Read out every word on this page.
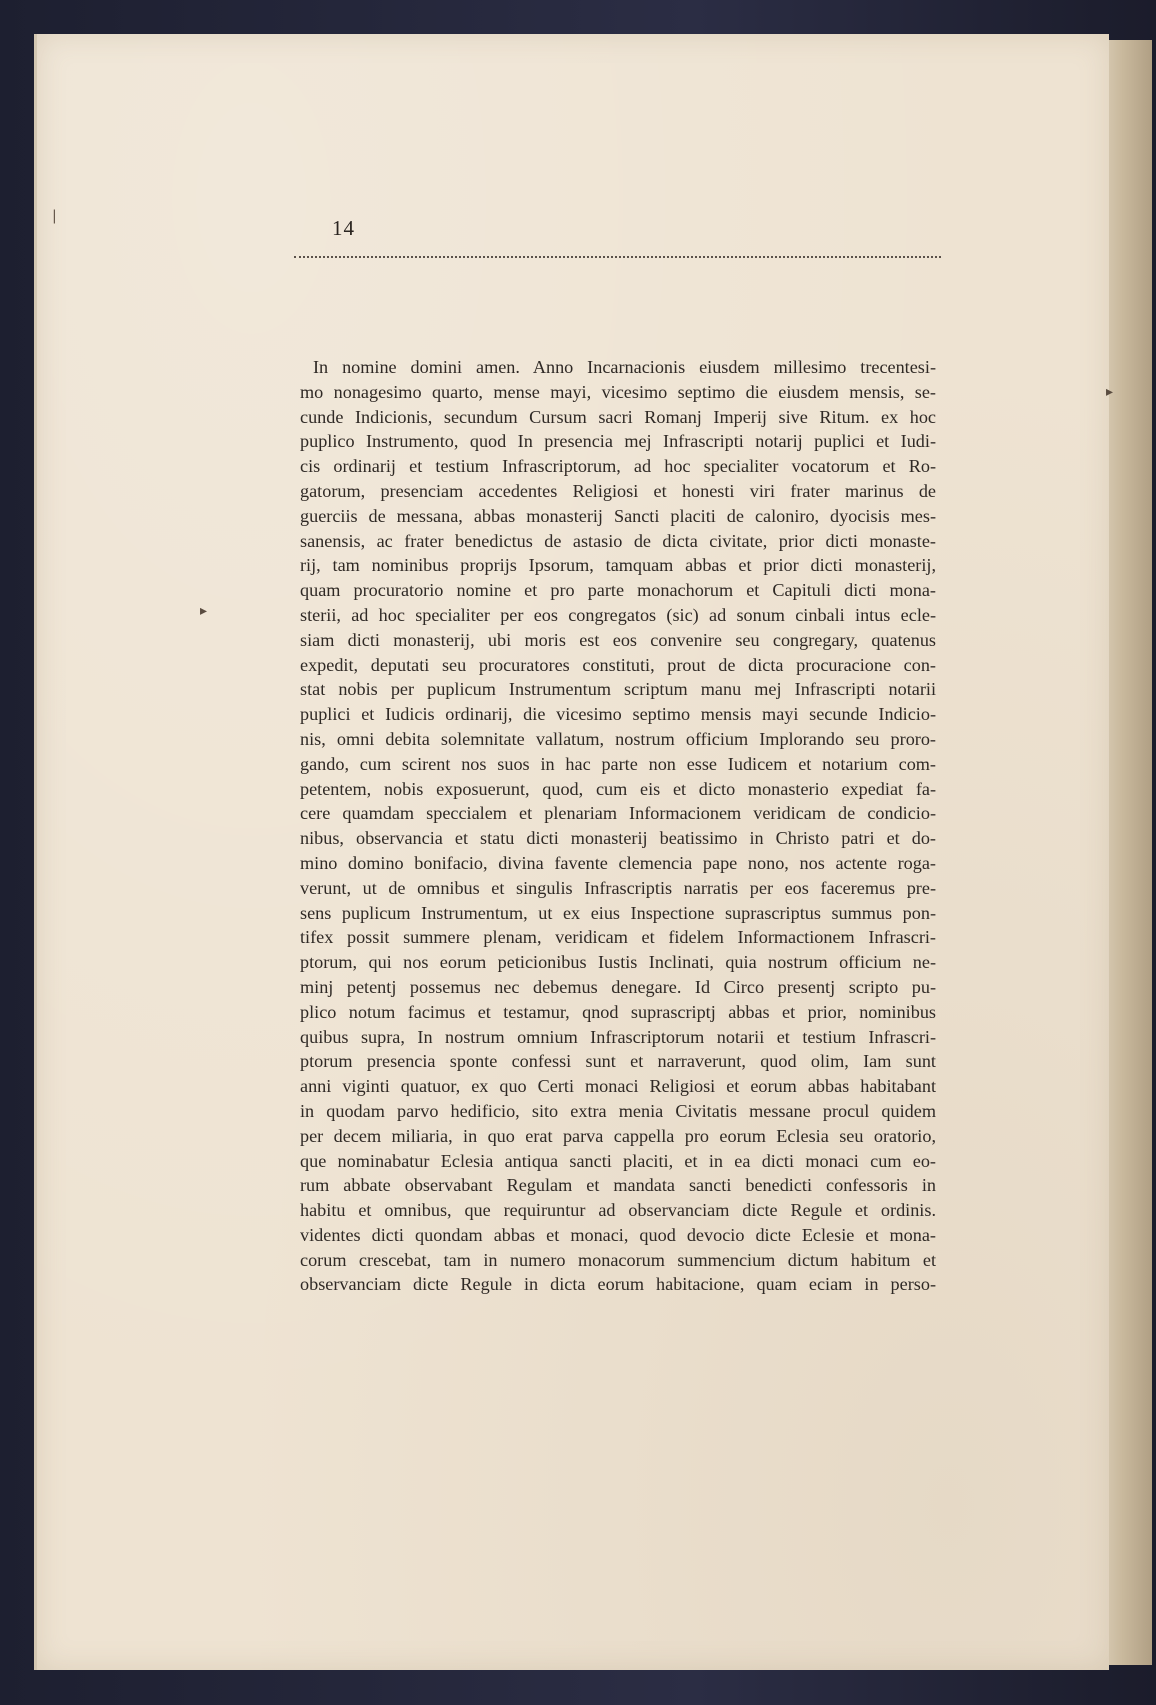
|
▸
▸
14
In nomine domini amen. Anno Incarnacionis eiusdem millesimo trecentesi-
mo nonagesimo quarto, mense mayi, vicesimo septimo die eiusdem mensis, se-
cunde Indicionis, secundum Cursum sacri Romanj Imperij sive Ritum. ex hoc
puplico Instrumento, quod In presencia mej Infrascripti notarij puplici et Iudi-
cis ordinarij et testium Infrascriptorum, ad hoc specialiter vocatorum et Ro-
gatorum, presenciam accedentes Religiosi et honesti viri frater marinus de
guerciis de messana, abbas monasterij Sancti placiti de caloniro, dyocisis mes-
sanensis, ac frater benedictus de astasio de dicta civitate, prior dicti monaste-
rij, tam nominibus proprijs Ipsorum, tamquam abbas et prior dicti monasterij,
quam procuratorio nomine et pro parte monachorum et Capituli dicti mona-
sterii, ad hoc specialiter per eos congregatos (sic) ad sonum cinbali intus ecle-
siam dicti monasterij, ubi moris est eos convenire seu congregary, quatenus
expedit, deputati seu procuratores constituti, prout de dicta procuracione con-
stat nobis per puplicum Instrumentum scriptum manu mej Infrascripti notarii
puplici et Iudicis ordinarij, die vicesimo septimo mensis mayi secunde Indicio-
nis, omni debita solemnitate vallatum, nostrum officium Implorando seu proro-
gando, cum scirent nos suos in hac parte non esse Iudicem et notarium com-
petentem, nobis exposuerunt, quod, cum eis et dicto monasterio expediat fa-
cere quamdam speccialem et plenariam Informacionem veridicam de condicio-
nibus, observancia et statu dicti monasterij beatissimo in Christo patri et do-
mino domino bonifacio, divina favente clemencia pape nono, nos actente roga-
verunt, ut de omnibus et singulis Infrascriptis narratis per eos faceremus pre-
sens puplicum Instrumentum, ut ex eius Inspectione suprascriptus summus pon-
tifex possit summere plenam, veridicam et fidelem Informactionem Infrascri-
ptorum, qui nos eorum peticionibus Iustis Inclinati, quia nostrum officium ne-
minj petentj possemus nec debemus denegare. Id Circo presentj scripto pu-
plico notum facimus et testamur, qnod suprascriptj abbas et prior, nominibus
quibus supra, In nostrum omnium Infrascriptorum notarii et testium Infrascri-
ptorum presencia sponte confessi sunt et narraverunt, quod olim, Iam sunt
anni viginti quatuor, ex quo Certi monaci Religiosi et eorum abbas habitabant
in quodam parvo hedificio, sito extra menia Civitatis messane procul quidem
per decem miliaria, in quo erat parva cappella pro eorum Eclesia seu oratorio,
que nominabatur Eclesia antiqua sancti placiti, et in ea dicti monaci cum eo-
rum abbate observabant Regulam et mandata sancti benedicti confessoris in
habitu et omnibus, que requiruntur ad observanciam dicte Regule et ordinis.
videntes dicti quondam abbas et monaci, quod devocio dicte Eclesie et mona-
corum crescebat, tam in numero monacorum summencium dictum habitum et
observanciam dicte Regule in dicta eorum habitacione, quam eciam in perso-
